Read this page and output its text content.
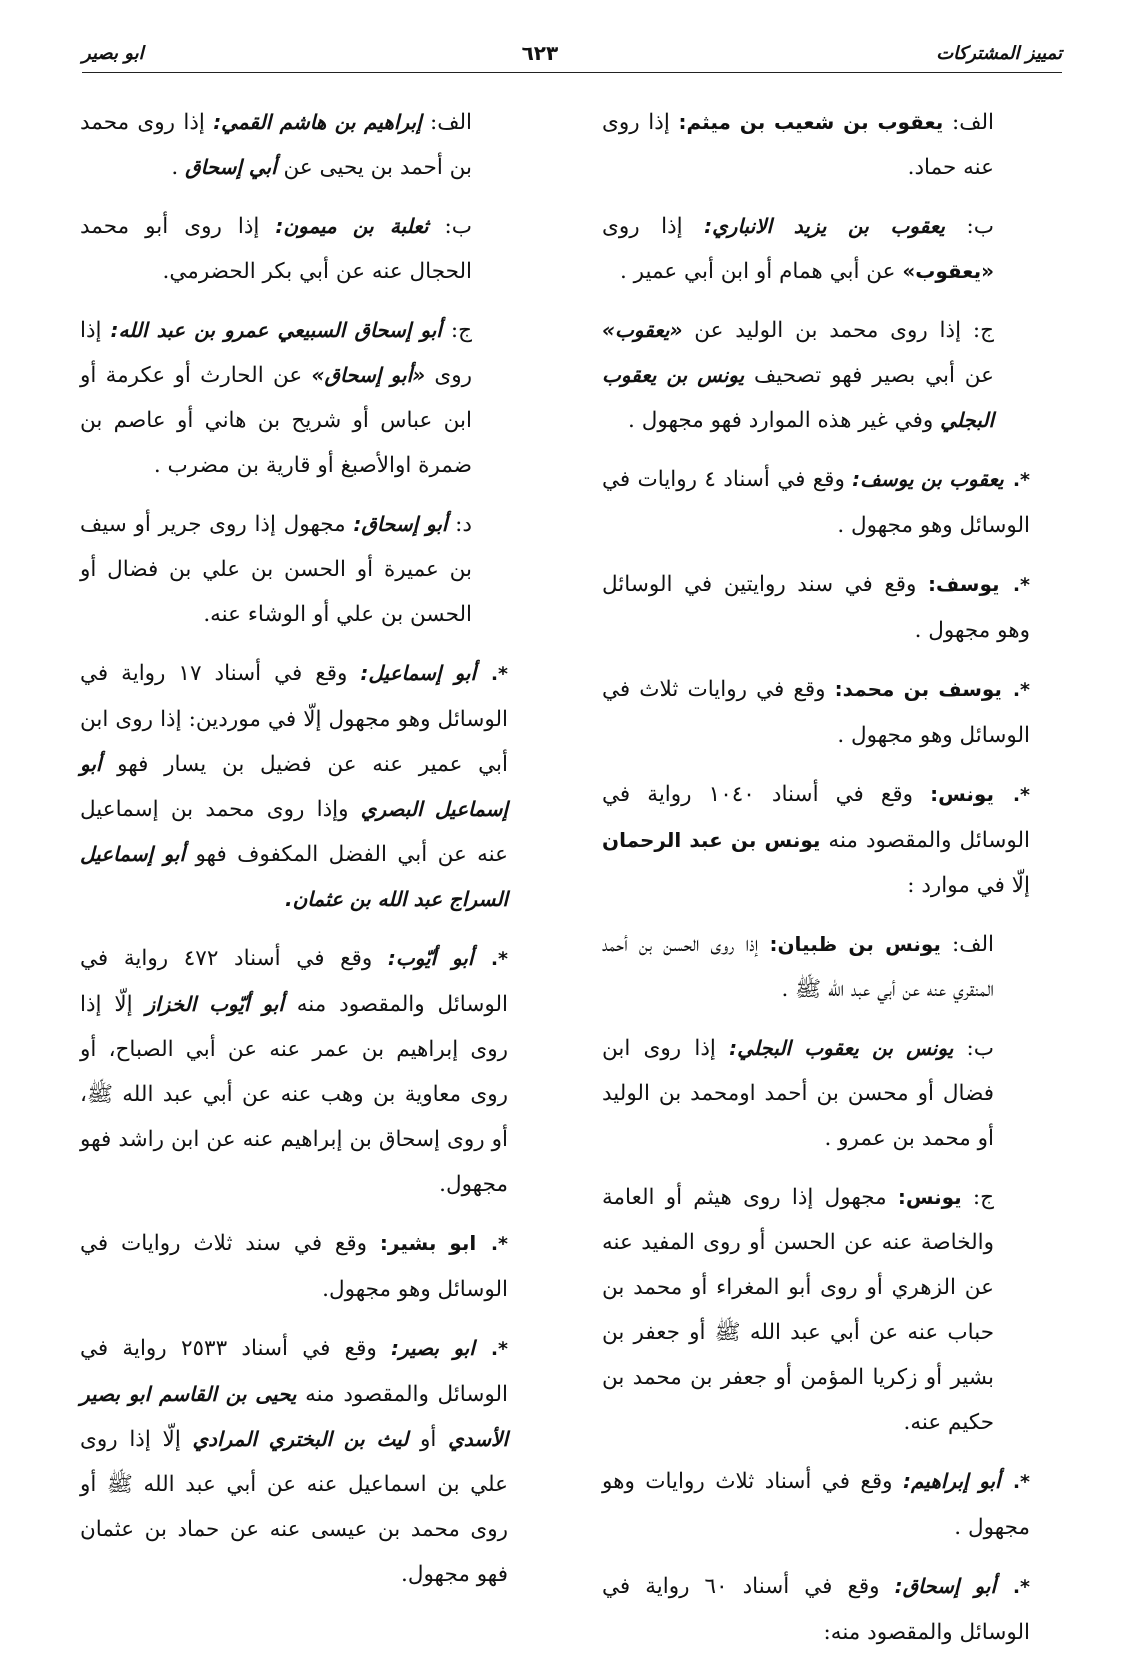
تمييز المشتركات
٦٢٣
ابو بصير

الف: يعقوب بن شعيب بن ميثم: إذا روى عنه حماد.

ب: يعقوب بن يزيد الانباري: إذا روى «يعقوب» عن أبي همام أو ابن أبي عمير .

ج: إذا روى محمد بن الوليد عن «يعقوب» عن أبي بصير فهو تصحيف يونس بن يعقوب البجلي وفي غير هذه الموارد فهو مجهول .

*. يعقوب بن يوسف: وقع في أسناد ٤ روايات في الوسائل وهو مجهول .

*. يوسف: وقع في سند روايتين في الوسائل وهو مجهول .

*. يوسف بن محمد: وقع في روايات ثلاث في الوسائل وهو مجهول .

*. يونس: وقع في أسناد ١٠٤٠ رواية في الوسائل والمقصود منه يونس بن عبد الرحمان إلّا في موارد :

الف: يونس بن ظبيان: إذا روى الحسن بن أحمد المنقري عنه عن أبي عبد الله ﷺ .

ب: يونس بن يعقوب البجلي: إذا روى ابن فضال أو محسن بن أحمد اومحمد بن الوليد أو محمد بن عمرو .

ج: يونس: مجهول إذا روى هيثم أو العامة والخاصة عنه عن الحسن أو روى المفيد عنه عن الزهري أو روى أبو المغراء أو محمد بن حباب عنه عن أبي عبد الله ﷺ أو جعفر بن بشير أو زكريا المؤمن أو جعفر بن محمد بن حكيم عنه.

*. أبو إبراهيم: وقع في أسناد ثلاث روايات وهو مجهول .

*. أبو إسحاق: وقع في أسناد ٦٠ رواية في الوسائل والمقصود منه:

الف: إبراهيم بن هاشم القمي: إذا روى محمد بن أحمد بن يحيى عن أبي إسحاق .

ب: ثعلبة بن ميمون: إذا روى أبو محمد الحجال عنه عن أبي بكر الحضرمي.

ج: أبو إسحاق السبيعي عمرو بن عبد الله: إذا روى «أبو إسحاق» عن الحارث أو عكرمة أو ابن عباس أو شريح بن هاني أو عاصم بن ضمرة اوالأصبغ أو قارية بن مضرب .

د: أبو إسحاق: مجهول إذا روى جرير أو سيف بن عميرة أو الحسن بن علي بن فضال أو الحسن بن علي أو الوشاء عنه.

*. أبو إسماعيل: وقع في أسناد ١٧ رواية في الوسائل وهو مجهول إلّا في موردين: إذا روى ابن أبي عمير عنه عن فضيل بن يسار فهو أبو إسماعيل البصري وإذا روى محمد بن إسماعيل عنه عن أبي الفضل المكفوف فهو أبو إسماعيل السراج عبد الله بن عثمان.

*. أبو أيّوب: وقع في أسناد ٤٧٢ رواية في الوسائل والمقصود منه أبو أيّوب الخزاز إلّا إذا روى إبراهيم بن عمر عنه عن أبي الصباح، أو روى معاوية بن وهب عنه عن أبي عبد الله ﷺ، أو روى إسحاق بن إبراهيم عنه عن ابن راشد فهو مجهول.

*. ابو بشير: وقع في سند ثلاث روايات في الوسائل وهو مجهول.

*. ابو بصير: وقع في أسناد ٢٥٣٣ رواية في الوسائل والمقصود منه يحيى بن القاسم ابو بصير الأسدي أو ليث بن البختري المرادي إلّا إذا روى علي بن اسماعيل عنه عن أبي عبد الله ﷺ أو روى محمد بن عيسى عنه عن حماد بن عثمان فهو مجهول.
